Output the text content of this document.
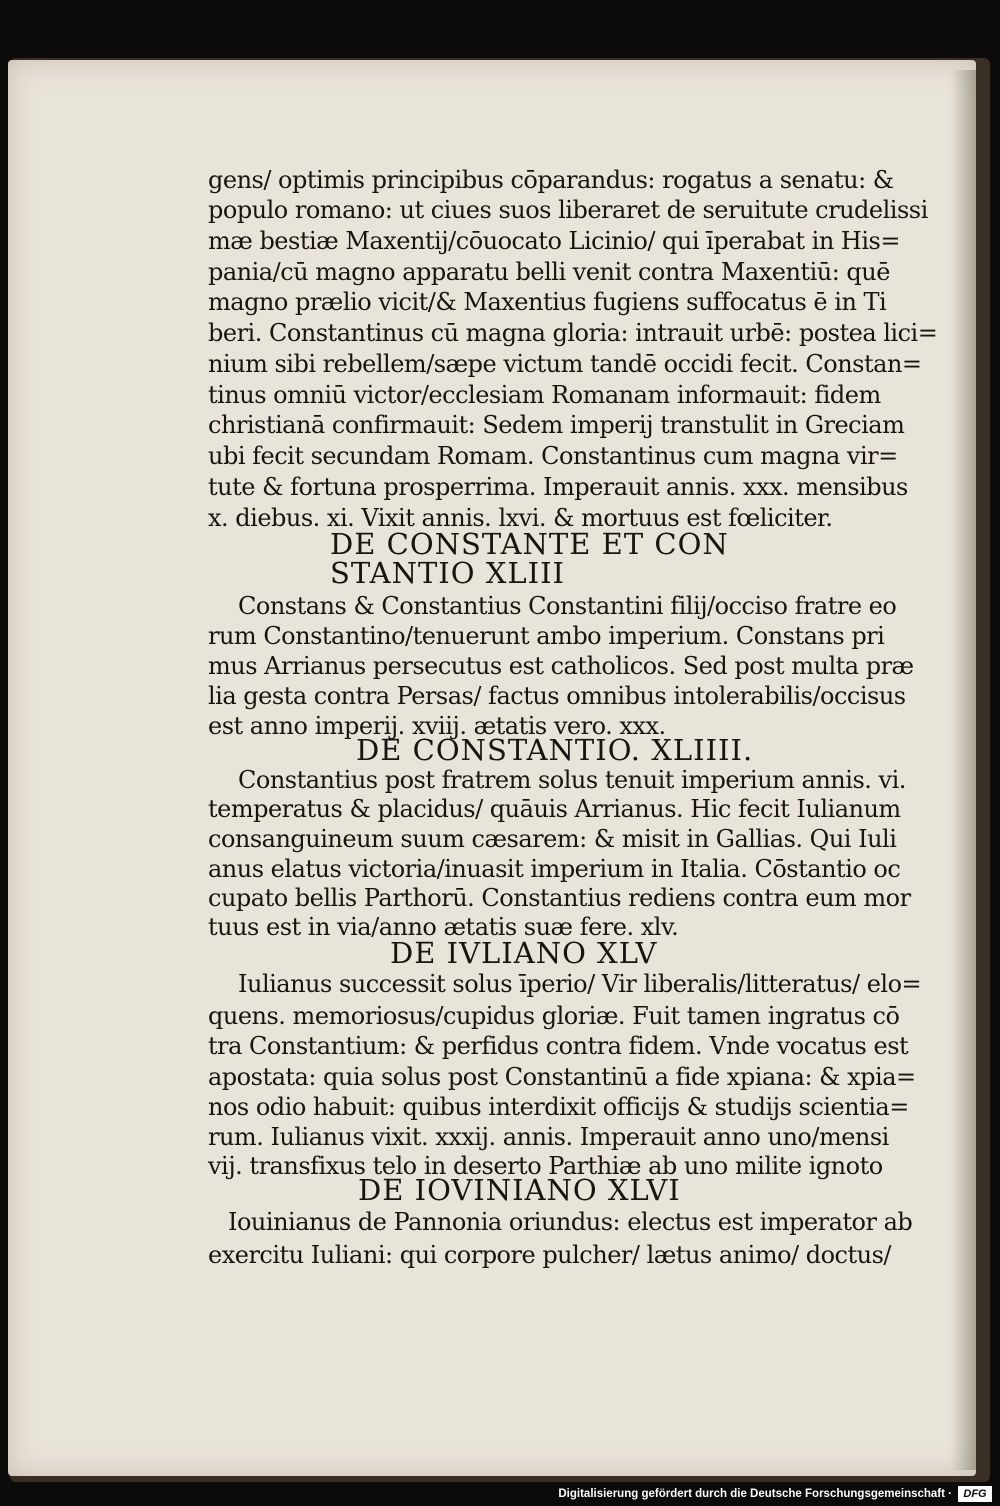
gens/ optimis principibus cōparandus: rogatus a senatu: &
populo romano: ut ciues suos liberaret de seruitute crudelissi
mæ bestiæ Maxentij/cōuocato Licinio/ qui īperabat in His=
pania/cū magno apparatu belli venit contra Maxentiū: quē
magno prælio vicit/& Maxentius fugiens suffocatus ē in Ti
beri. Constantinus cū magna gloria: intrauit urbē: postea lici=
nium sibi rebellem/sæpe victum tandē occidi fecit. Constan=
tinus omniū victor/ecclesiam Romanam informauit: fidem
christianā confirmauit: Sedem imperij transtulit in Greciam
ubi fecit secundam Romam. Constantinus cum magna vir=
tute & fortuna prosperrima. Imperauit annis. xxx. mensibus
x. diebus. xi. Vixit annis. lxvi. & mortuus est fœliciter.
DE CONSTANTE ET CON
STANTIO XLIII
Constans & Constantius Constantini filij/occiso fratre eo
rum Constantino/tenuerunt ambo imperium. Constans pri
mus Arrianus persecutus est catholicos. Sed post multa præ
lia gesta contra Persas/ factus omnibus intolerabilis/occisus
est anno imperij. xviij. ætatis vero. xxx.
DE CONSTANTIO. XLIIII.
Constantius post fratrem solus tenuit imperium annis. vi.
temperatus & placidus/ quāuis Arrianus. Hic fecit Iulianum
consanguineum suum cæsarem: & misit in Gallias. Qui Iuli
anus elatus victoria/inuasit imperium in Italia. Cōstantio oc
cupato bellis Parthorū. Constantius rediens contra eum mor
tuus est in via/anno ætatis suæ fere. xlv.
DE IVLIANO XLV
Iulianus successit solus īperio/ Vir liberalis/litteratus/ elo=
quens. memoriosus/cupidus gloriæ. Fuit tamen ingratus cō
tra Constantium: & perfidus contra fidem. Vnde vocatus est
apostata: quia solus post Constantinū a fide xpiana: & xpia=
nos odio habuit: quibus interdixit officijs & studijs scientia=
rum. Iulianus vixit. xxxij. annis. Imperauit anno uno/mensi
vij. transfixus telo in deserto Parthiæ ab uno milite ignoto
DE IOVINIANO XLVI
Iouinianus de Pannonia oriundus: electus est imperator ab
exercitu Iuliani: qui corpore pulcher/ lætus animo/ doctus/
Digitalisierung gefördert durch die Deutsche Forschungsgemeinschaft ·	DFG
